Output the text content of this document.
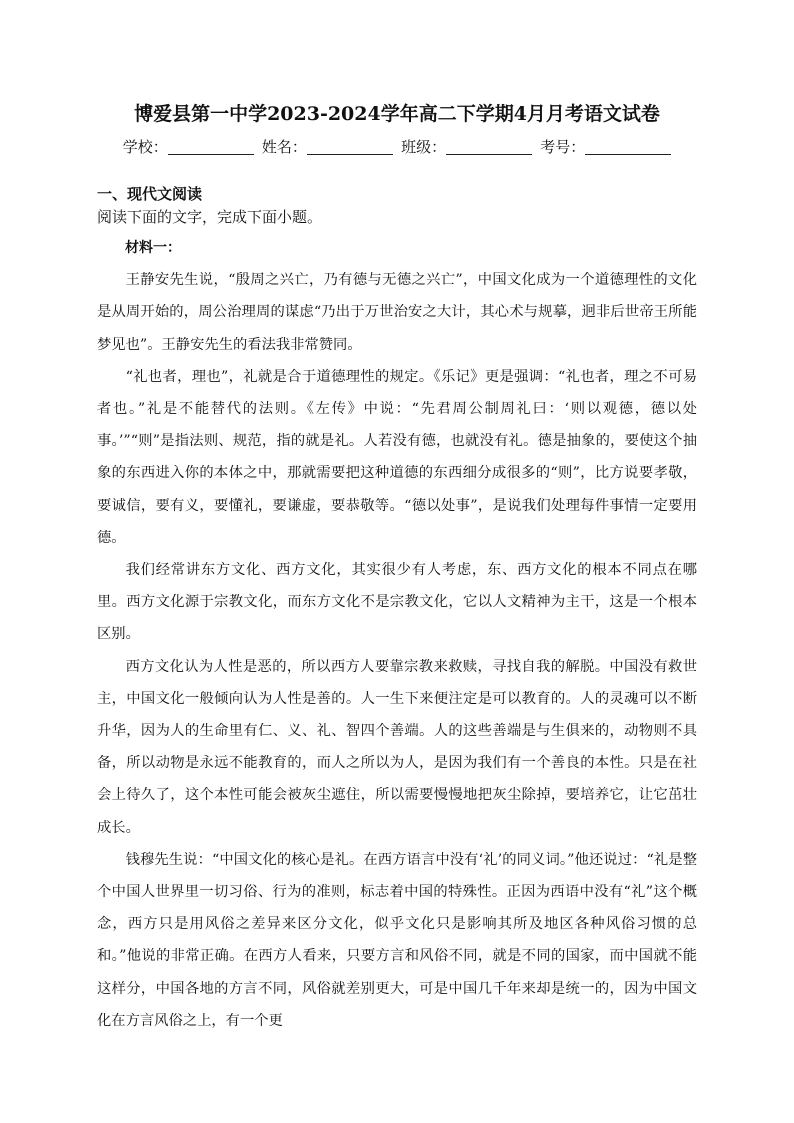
博爱县第一中学2023-2024学年高二下学期4月月考语文试卷
学校：	姓名：	班级：	考号：
一、现代文阅读

阅读下面的文字，完成下面小题。

材料一：

王静安先生说，“殷周之兴亡，乃有德与无德之兴亡”，中国文化成为一个道德理性的文化是从周开始的，周公治理周的谋虑“乃出于万世治安之大计，其心术与规摹，迥非后世帝王所能梦见也”。王静安先生的看法我非常赞同。

“礼也者，理也”，礼就是合于道德理性的规定。《乐记》更是强调：“礼也者，理之不可易者也。”礼是不能替代的法则。《左传》中说：“先君周公制周礼曰：‘则以观德，德以处事。’”“则”是指法则、规范，指的就是礼。人若没有德，也就没有礼。德是抽象的，要使这个抽象的东西进入你的本体之中，那就需要把这种道德的东西细分成很多的“则”，比方说要孝敬，要诚信，要有义，要懂礼，要谦虚，要恭敬等。“德以处事”，是说我们处理每件事情一定要用德。

我们经常讲东方文化、西方文化，其实很少有人考虑，东、西方文化的根本不同点在哪里。西方文化源于宗教文化，而东方文化不是宗教文化，它以人文精神为主干，这是一个根本区别。

西方文化认为人性是恶的，所以西方人要靠宗教来救赎，寻找自我的解脱。中国没有救世主，中国文化一般倾向认为人性是善的。人一生下来便注定是可以教育的。人的灵魂可以不断升华，因为人的生命里有仁、义、礼、智四个善端。人的这些善端是与生俱来的，动物则不具备，所以动物是永远不能教育的，而人之所以为人，是因为我们有一个善良的本性。只是在社会上待久了，这个本性可能会被灰尘遮住，所以需要慢慢地把灰尘除掉，要培养它，让它茁壮成长。

钱穆先生说：“中国文化的核心是礼。在西方语言中没有‘礼’的同义词。”他还说过：“礼是整个中国人世界里一切习俗、行为的准则，标志着中国的特殊性。正因为西语中没有“礼”这个概念，西方只是用风俗之差异来区分文化，似乎文化只是影响其所及地区各种风俗习惯的总和。”他说的非常正确。在西方人看来，只要方言和风俗不同，就是不同的国家，而中国就不能这样分，中国各地的方言不同，风俗就差别更大，可是中国几千年来却是统一的，因为中国文化在方言风俗之上，有一个更
